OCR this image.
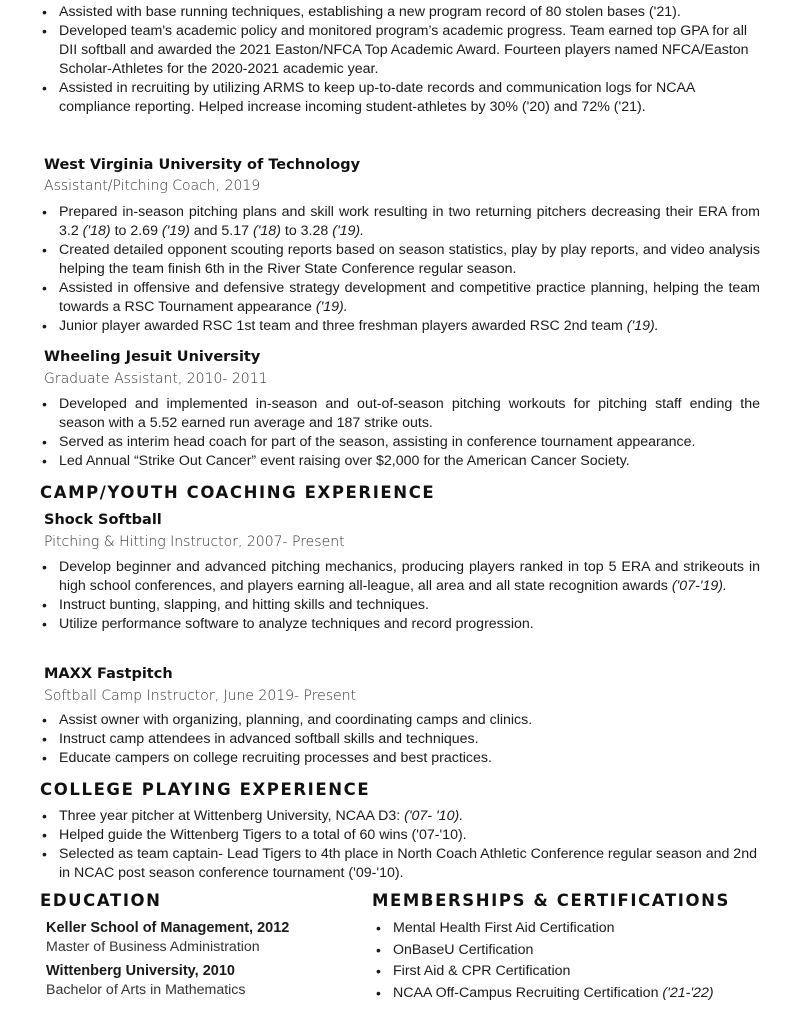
• Assisted with base running techniques, establishing a new program record of 80 stolen bases ('21).
• Developed team's academic policy and monitored program’s academic progress. Team earned top GPA for all DII softball and awarded the 2021 Easton/NFCA Top Academic Award. Fourteen players named NFCA/Easton Scholar-Athletes for the 2020-2021 academic year.
• Assisted in recruiting by utilizing ARMS to keep up-to-date records and communication logs for NCAA compliance reporting. Helped increase incoming student-athletes by 30% ('20) and 72% ('21).

West Virginia University of Technology

Assistant/Pitching Coach, 2019

• Prepared in-season pitching plans and skill work resulting in two returning pitchers decreasing their ERA from 3.2 ('18) to 2.69 ('19) and 5.17 ('18) to 3.28 ('19).
• Created detailed opponent scouting reports based on season statistics, play by play reports, and video analysis helping the team finish 6th in the River State Conference regular season.
• Assisted in offensive and defensive strategy development and competitive practice planning, helping the team towards a RSC Tournament appearance ('19).
• Junior player awarded RSC 1st team and three freshman players awarded RSC 2nd team ('19).

Wheeling Jesuit University

Graduate Assistant, 2010- 2011

• Developed and implemented in-season and out-of-season pitching workouts for pitching staff ending the season with a 5.52 earned run average and 187 strike outs.
• Served as interim head coach for part of the season, assisting in conference tournament appearance.
• Led Annual “Strike Out Cancer” event raising over $2,000 for the American Cancer Society.
CAMP/YOUTH COACHING EXPERIENCE

Shock Softball

Pitching & Hitting Instructor, 2007- Present

• Develop beginner and advanced pitching mechanics, producing players ranked in top 5 ERA and strikeouts in high school conferences, and players earning all-league, all area and all state recognition awards ('07-'19).
• Instruct bunting, slapping, and hitting skills and techniques.
• Utilize performance software to analyze techniques and record progression.

MAXX Fastpitch

Softball Camp Instructor, June 2019- Present

• Assist owner with organizing, planning, and coordinating camps and clinics.
• Instruct camp attendees in advanced softball skills and techniques.
• Educate campers on college recruiting processes and best practices.
COLLEGE PLAYING EXPERIENCE
• Three year pitcher at Wittenberg University, NCAA D3: ('07- '10).
• Helped guide the Wittenberg Tigers to a total of 60 wins ('07-'10).
• Selected as team captain- Lead Tigers to 4th place in North Coach Athletic Conference regular season and 2nd in NCAC post season conference tournament ('09-'10).
EDUCATION

Keller School of Management, 2012

Master of Business Administration

Wittenberg University, 2010

Bachelor of Arts in Mathematics

MEMBERSHIPS & CERTIFICATIONS
• Mental Health First Aid Certification
• OnBaseU Certification
• First Aid & CPR Certification
• NCAA Off-Campus Recruiting Certification ('21-'22)
